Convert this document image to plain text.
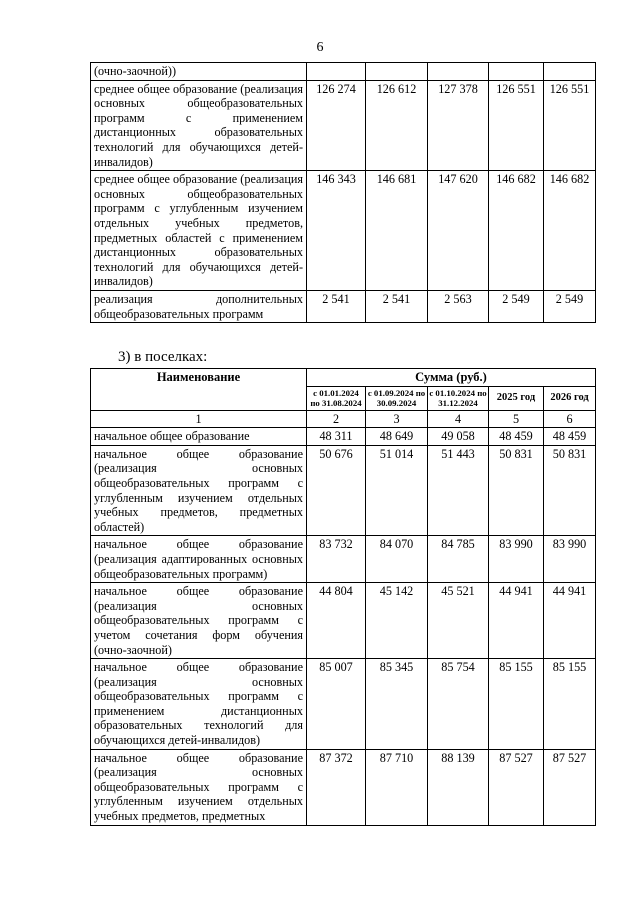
6
(очно-заочной))					
среднее общее образование (реализация основных общеобразовательных программ с применением дистанционных образовательных технологий для обучающихся детей-инвалидов)	126 274	126 612	127 378	126 551	126 551
среднее общее образование (реализация основных общеобразовательных программ с углубленным изучением отдельных учебных предметов, предметных областей с применением дистанционных образовательных технологий для обучающихся детей-инвалидов)	146 343	146 681	147 620	146 682	146 682
реализация дополнительных общеобразовательных программ	2 541	2 541	2 563	2 549	2 549
3) в поселках:
Наименование	Сумма (руб.)				
	с 01.01.2024 по 31.08.2024	с 01.09.2024 по 30.09.2024	с 01.10.2024 по 31.12.2024	2025 год	2026 год
1	2	3	4	5	6
начальное общее образование	48 311	48 649	49 058	48 459	48 459
начальное общее образование (реализация основных общеобразовательных программ с углубленным изучением отдельных учебных предметов, предметных областей)	50 676	51 014	51 443	50 831	50 831
начальное общее образование (реализация адаптированных основных общеобразовательных программ)	83 732	84 070	84 785	83 990	83 990
начальное общее образование (реализация основных общеобразовательных программ с учетом сочетания форм обучения (очно-заочной)	44 804	45 142	45 521	44 941	44 941
начальное общее образование (реализация основных общеобразовательных программ с применением дистанционных образовательных технологий для обучающихся детей-инвалидов)	85 007	85 345	85 754	85 155	85 155
начальное общее образование (реализация основных общеобразовательных программ с углубленным изучением отдельных учебных предметов, предметных	87 372	87 710	88 139	87 527	87 527
